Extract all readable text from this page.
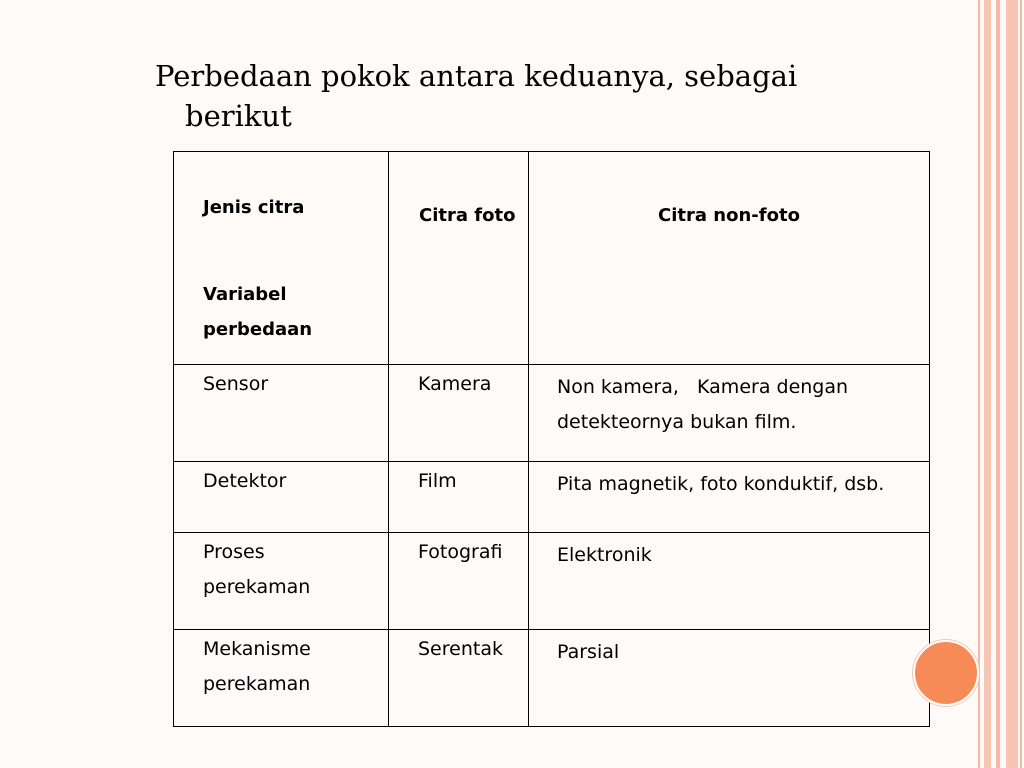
Perbedaan pokok antara keduanya, sebagai
berikut
Jenis citra
Variabel
perbedaan	Citra foto	Citra non-foto

Sensor	Kamera	Non kamera,   Kamera dengan detekteornya bukan film.

Detektor	Film	Pita magnetik, foto konduktif, dsb.

Proses
perekaman	Fotografi	Elektronik

Mekanisme
perekaman	Serentak	Parsial
